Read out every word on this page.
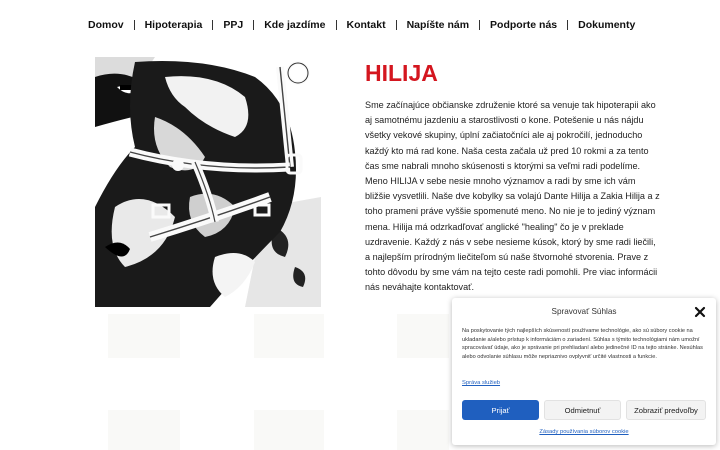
Domov Hipoterapia PPJ Kde jazdíme Kontakt Napíšte nám Podporte nás Dokumenty
HILIJA

Sme začínajúce občianske združenie ktoré sa venuje tak hipoterapii ako aj samotnému jazdeniu a starostlivosti o kone. Potešenie u nás nájdu všetky vekové skupiny, úplní začiatočníci ale aj pokročilí, jednoducho každý kto má rad kone. Naša cesta začala už pred 10 rokmi a za tento čas sme nabrali mnoho skúsenosti s ktorými sa veľmi radi podelíme. Meno HILIJA v sebe nesie mnoho významov a radi by sme ich vám bližšie vysvetlili. Naše dve kobylky sa volajú Dante Hilija a Zakia Hilija a z toho prameni práve vyššie spomenuté meno. No nie je to jediný význam mena. Hilija má odzrkadľovať anglické "healing" čo je v preklade uzdravenie. Každý z nás v sebe nesieme kúsok, ktorý by sme radi liečili, a najlepším prírodným liečiteľom sú naše štvornohé stvorenia. Prave z tohto dôvodu by sme vám na tejto ceste radi pomohli. Pre viac informácii nás neváhajte kontaktovať.

Spravovať Súhlas

Na poskytovanie tých najlepších skúseností používame technológie, ako sú súbory cookie na ukladanie a/alebo prístup k informáciám o zariadení. Súhlas s týmito technológiami nám umožní spracovávať údaje, ako je správanie pri prehliadaní alebo jedinečné ID na tejto stránke. Nesúhlas alebo odvolanie súhlasu môže nepriaznivo ovplyvniť určité vlastnosti a funkcie.

Správa služieb
Prijať	Odmietnuť	Zobraziť predvoľby
Zásady používania súborov cookie
